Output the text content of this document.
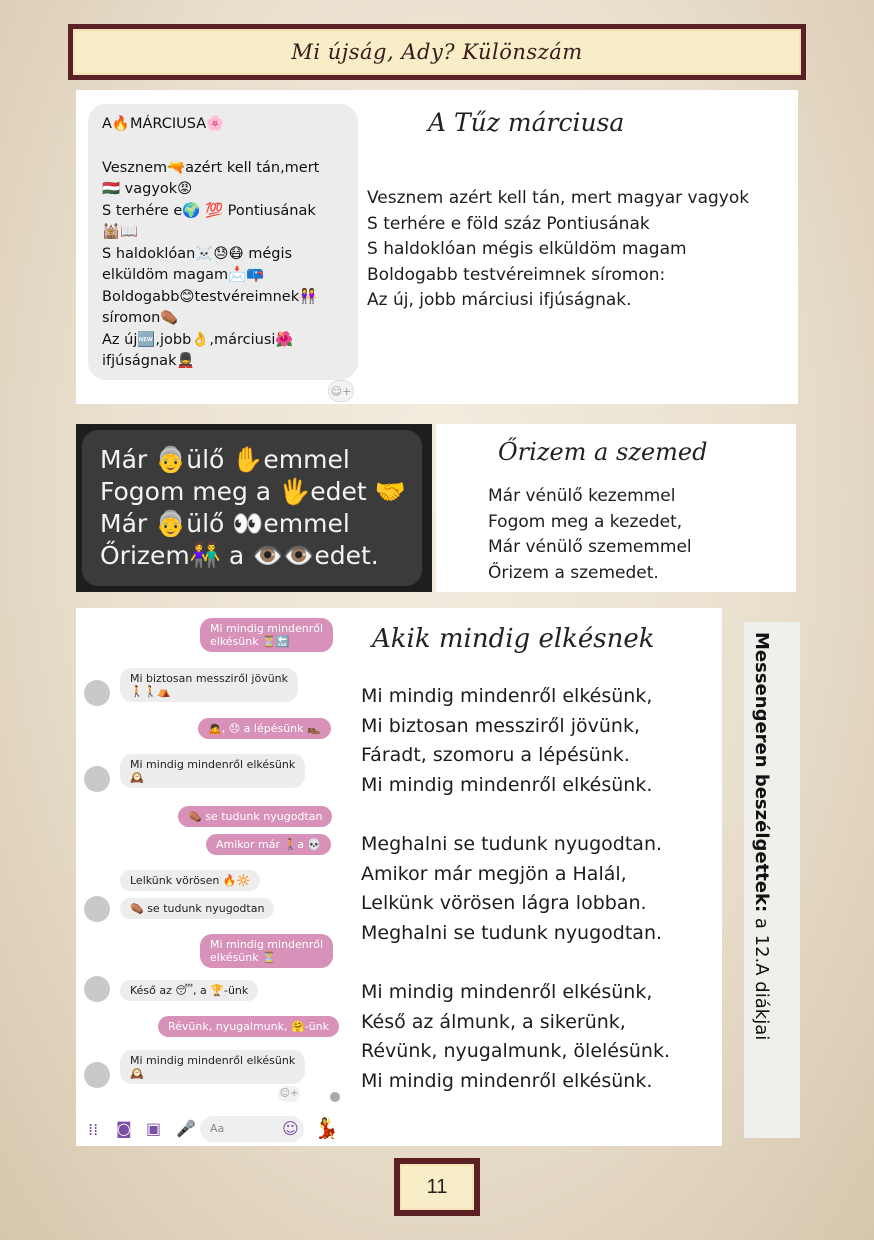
Mi újság, Ady? Különszám
A🔥MÁRCIUSA🌸
Vesznem🔫azért kell tán,mert
🇭🇺 vagyok😡
S terhére e🌍 💯 Pontiusának
🕍📖
S haldoklóan☠️😓😷 mégis
elküldöm magam📩📪
Boldogabb😊testvéreimnek👭
síromon⚰️
Az új🆕,jobb👌,márciusi🌺
ifjúságnak💂
☺+
A Tűz márciusa
Vesznem azért kell tán, mert magyar vagyok
S terhére e föld száz Pontiusának
S haldoklóan mégis elküldöm magam
Boldogabb testvéreimnek síromon:
Az új, jobb márciusi ifjúságnak.
Már 👵ülő ✋emmel
Fogom meg a 🖐️edet 🤝
Már 👵ülő 👀emmel
Őrizem👫 a 👁️👁️edet.
Őrizem a szemed
Már vénülő kezemmel
Fogom meg a kezedet,
Már vénülő szememmel
Őrizem a szemedet.
Mi mindig mindenről
elkésünk ⏳🔚
Mi biztosan messziről jövünk
🚶🚶⛺
🙇, 😞 a lépésünk 👞
Mi mindig mindenről elkésünk
🕰️
⚰️ se tudunk nyugodtan
Amikor már 🚶a 💀
Lelkünk vörösen 🔥🔆
⚰️ se tudunk nyugodtan
Mi mindig mindenről
elkésünk ⏳
Késő az 😴, a 🏆-ünk
Révünk, nyugalmunk, 🤗-ünk
Mi mindig mindenről elkésünk
🕰️
☺+
⁞⁞ ◙ ▣ 🎤	Aa	☺ 💃
Akik mindig elkésnek
Mi mindig mindenről elkésünk,
Mi biztosan messziről jövünk,
Fáradt, szomoru a lépésünk.
Mi mindig mindenről elkésünk.

Meghalni se tudunk nyugodtan.
Amikor már megjön a Halál,
Lelkünk vörösen lágra lobban.
Meghalni se tudunk nyugodtan.

Mi mindig mindenről elkésünk,
Késő az álmunk, a sikerünk,
Révünk, nyugalmunk, ölelésünk.
Mi mindig mindenről elkésünk.
Messengeren beszélgettek: a 12.A diákjai
11
